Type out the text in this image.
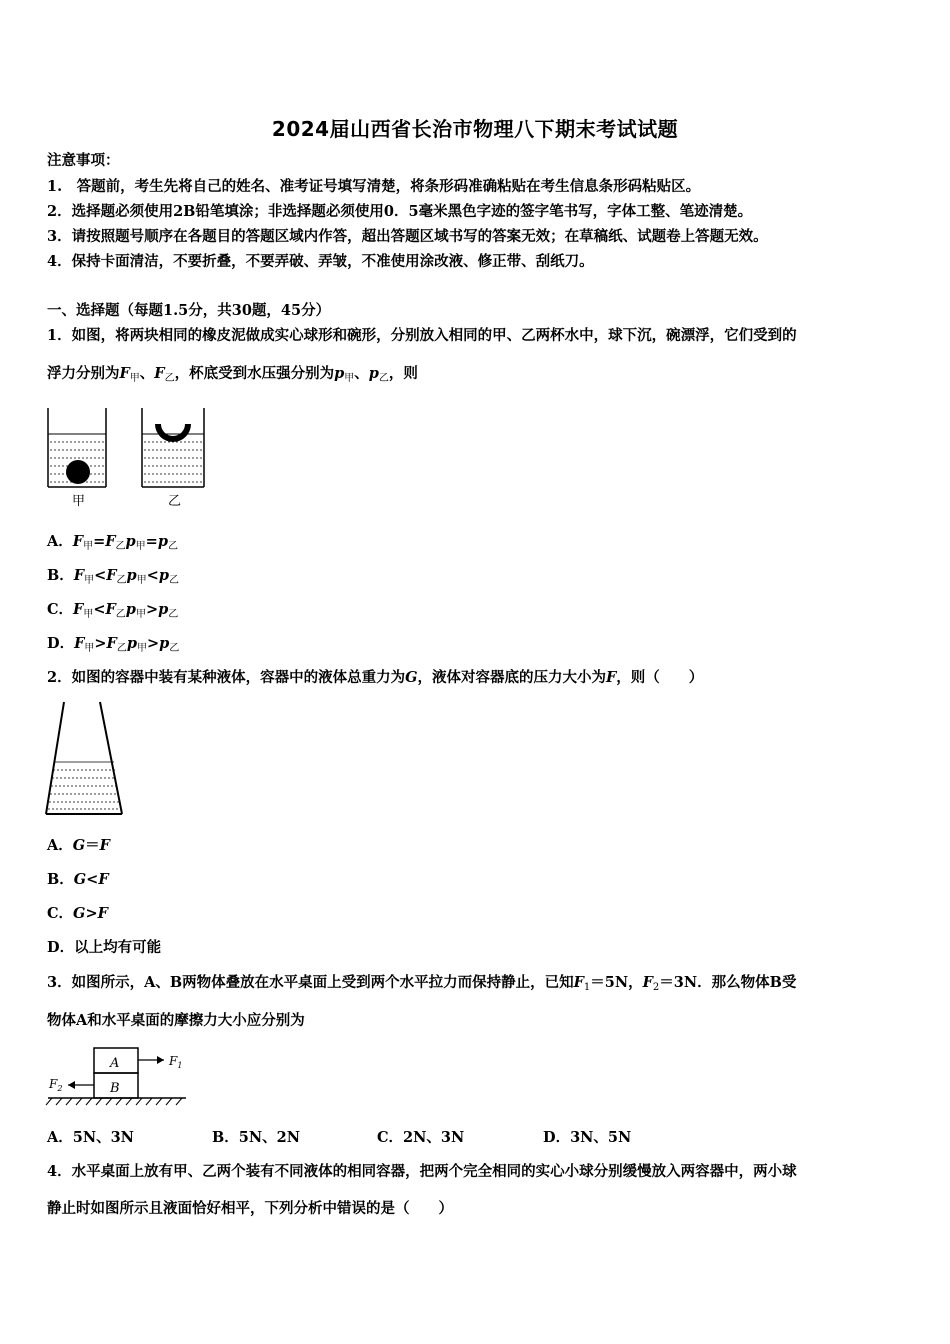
2024届山西省长治市物理八下期末考试试题
注意事项：
1.　答题前，考生先将自己的姓名、准考证号填写清楚，将条形码准确粘贴在考生信息条形码粘贴区。
2．选择题必须使用2B铅笔填涂；非选择题必须使用0．5毫米黑色字迹的签字笔书写，字体工整、笔迹清楚。
3．请按照题号顺序在各题目的答题区域内作答，超出答题区域书写的答案无效；在草稿纸、试题卷上答题无效。
4．保持卡面清洁，不要折叠，不要弄破、弄皱，不准使用涂改液、修正带、刮纸刀。
一、选择题（每题1.5分，共30题，45分）
1．如图，将两块相同的橡皮泥做成实心球形和碗形，分别放入相同的甲、乙两杯水中，球下沉，碗漂浮，它们受到的
浮力分别为$F_甲$、$F_乙$，杯底受到水压强分别为$p_甲$、$p_乙$，则
甲	乙
A．$F_甲=F_乙p_甲=p_乙$
B．$F_甲<F_乙p_甲<p_乙$
C．$F_甲<F_乙p_甲>p_乙$
D．$F_甲>F_乙p_甲>p_乙$
2．如图的容器中装有某种液体，容器中的液体总重力为G，液体对容器底的压力大小为F，则（　　）
A．G＝F
B．G<F
C．G>F
D．以上均有可能
3．如图所示，A、B两物体叠放在水平桌面上受到两个水平拉力而保持静止，已知$F_1=5N$，$F_2=3N$．那么物体B受
物体A和水平桌面的摩擦力大小应分别为
A
B
$F_1$
$F_2$
A．5N、3N	B．5N、2N	C．2N、3N	D．3N、5N
4．水平桌面上放有甲、乙两个装有不同液体的相同容器，把两个完全相同的实心小球分别缓慢放入两容器中，两小球
静止时如图所示且液面恰好相平，下列分析中错误的是（　　）
